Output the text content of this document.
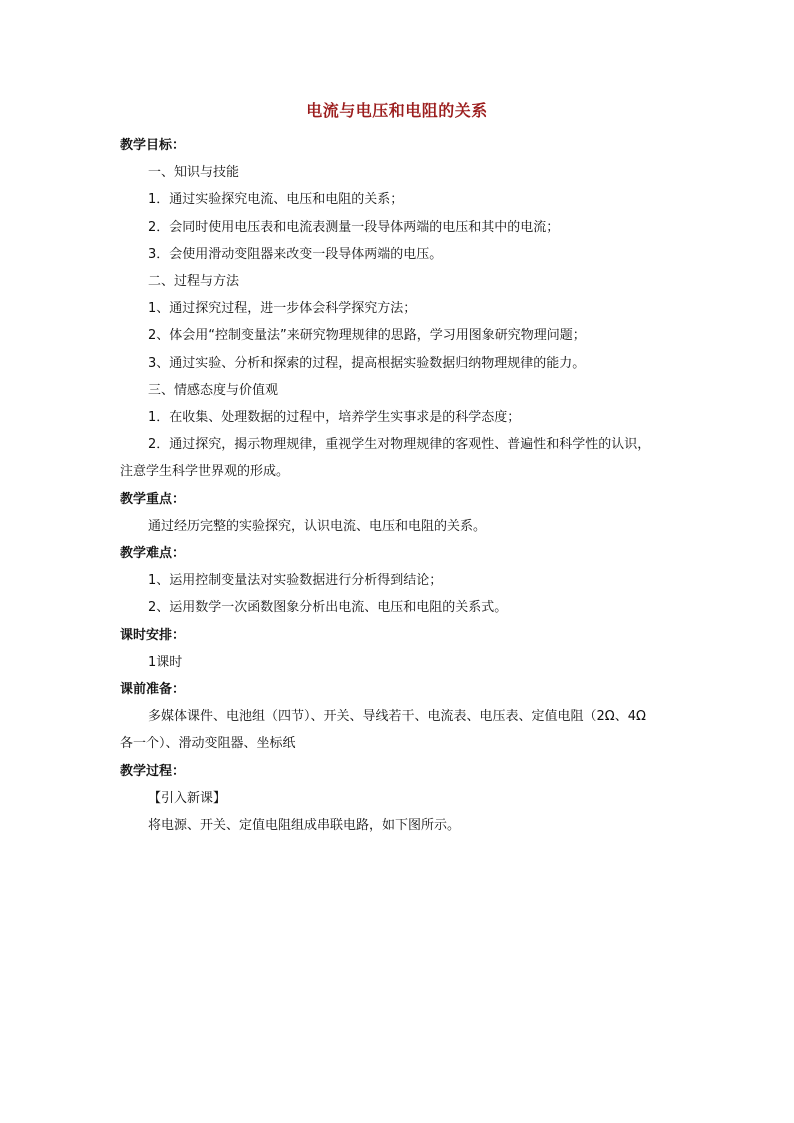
电流与电压和电阻的关系
教学目标：
一、知识与技能
1．通过实验探究电流、电压和电阻的关系；
2．会同时使用电压表和电流表测量一段导体两端的电压和其中的电流；
3．会使用滑动变阻器来改变一段导体两端的电压。
二、过程与方法
1、通过探究过程，进一步体会科学探究方法；
2、体会用“控制变量法”来研究物理规律的思路，学习用图象研究物理问题；
3、通过实验、分析和探索的过程，提高根据实验数据归纳物理规律的能力。
三、情感态度与价值观
1．在收集、处理数据的过程中，培养学生实事求是的科学态度；
2．通过探究，揭示物理规律，重视学生对物理规律的客观性、普遍性和科学性的认识，
注意学生科学世界观的形成。
教学重点：
通过经历完整的实验探究，认识电流、电压和电阻的关系。
教学难点：
1、运用控制变量法对实验数据进行分析得到结论；
2、运用数学一次函数图象分析出电流、电压和电阻的关系式。
课时安排：
1课时
课前准备：
多媒体课件、电池组（四节）、开关、导线若干、电流表、电压表、定值电阻（2Ω、4Ω
各一个）、滑动变阻器、坐标纸
教学过程：
【引入新课】
将电源、开关、定值电阻组成串联电路，如下图所示。
